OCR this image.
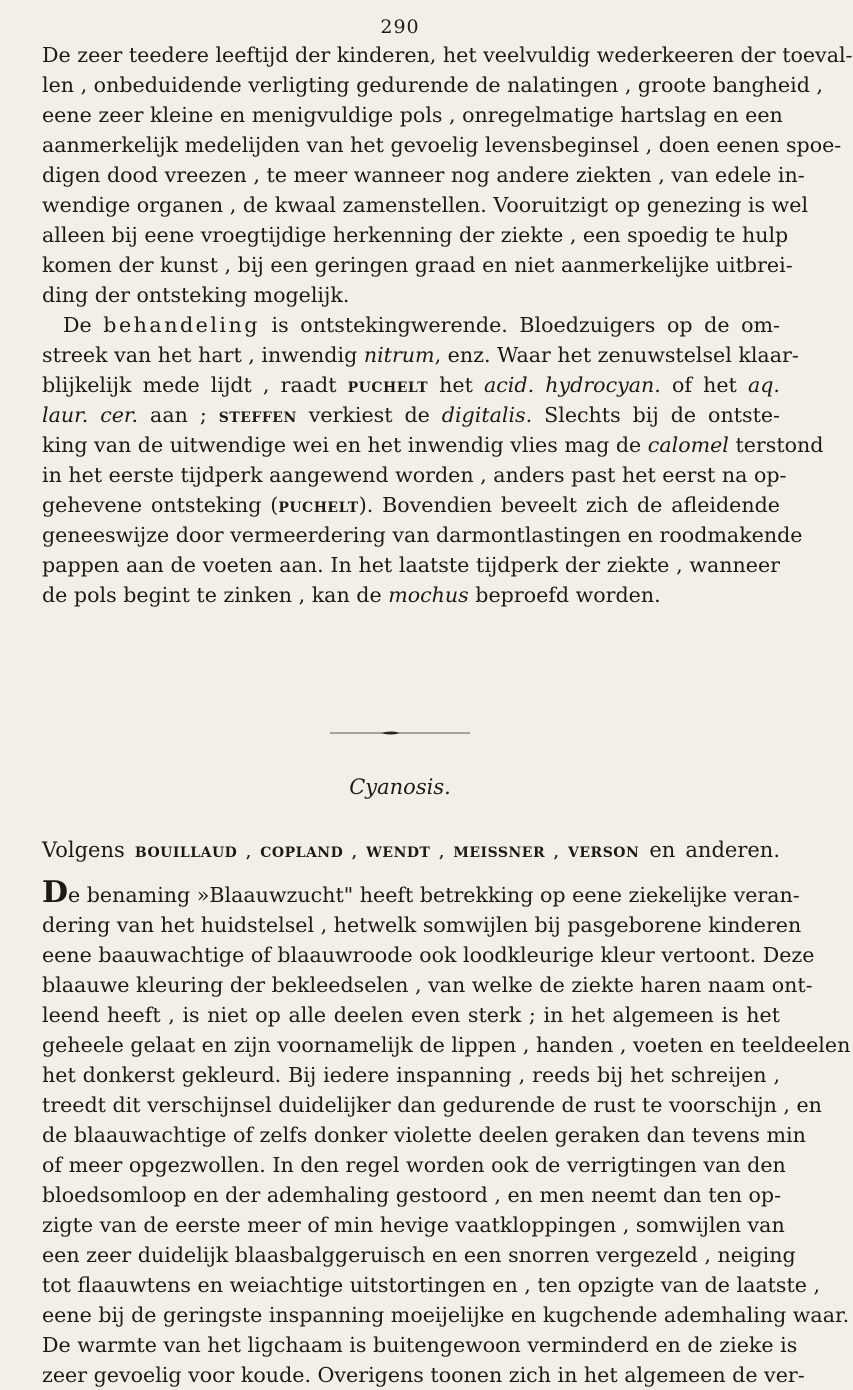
290
De zeer teedere leeftijd der kinderen, het veelvuldig wederkeeren der toeval-
len , onbeduidende verligting gedurende de nalatingen , groote bangheid ,
eene zeer kleine en menigvuldige pols , onregelmatige hartslag en een
aanmerkelijk medelijden van het gevoelig levensbeginsel , doen eenen spoe-
digen dood vreezen , te meer wanneer nog andere ziekten , van edele in-
wendige organen , de kwaal zamenstellen. Vooruitzigt op genezing is wel
alleen bij eene vroegtijdige herkenning der ziekte , een spoedig te hulp
komen der kunst , bij een geringen graad en niet aanmerkelijke uitbrei-
ding der ontsteking mogelijk.
De behandeling is ontstekingwerende. Bloedzuigers op de om-
streek van het hart , inwendig nitrum, enz. Waar het zenuwstelsel klaar-
blijkelijk mede lijdt , raadt PUCHELT het acid. hydrocyan. of het aq.
laur. cer. aan ; STEFFEN verkiest de digitalis. Slechts bij de ontste-
king van de uitwendige wei en het inwendig vlies mag de calomel terstond
in het eerste tijdperk aangewend worden , anders past het eerst na op-
gehevene ontsteking (PUCHELT). Bovendien beveelt zich de afleidende
geneeswijze door vermeerdering van darmontlastingen en roodmakende
pappen aan de voeten aan. In het laatste tijdperk der ziekte , wanneer
de pols begint te zinken , kan de mochus beproefd worden.
Cyanosis.
Volgens BOUILLAUD , COPLAND , WENDT , MEISSNER , VERSON en anderen.
De benaming »Blaauwzucht" heeft betrekking op eene ziekelijke veran-
dering van het huidstelsel , hetwelk somwijlen bij pasgeborene kinderen
eene baauwachtige of blaauwroode ook loodkleurige kleur vertoont. Deze
blaauwe kleuring der bekleedselen , van welke de ziekte haren naam ont-
leend heeft , is niet op alle deelen even sterk ; in het algemeen is het
geheele gelaat en zijn voornamelijk de lippen , handen , voeten en teeldeelen
het donkerst gekleurd. Bij iedere inspanning , reeds bij het schreijen ,
treedt dit verschijnsel duidelijker dan gedurende de rust te voorschijn , en
de blaauwachtige of zelfs donker violette deelen geraken dan tevens min
of meer opgezwollen. In den regel worden ook de verrigtingen van den
bloedsomloop en der ademhaling gestoord , en men neemt dan ten op-
zigte van de eerste meer of min hevige vaatkloppingen , somwijlen van
een zeer duidelijk blaasbalggeruisch en een snorren vergezeld , neiging
tot flaauwtens en weiachtige uitstortingen en , ten opzigte van de laatste ,
eene bij de geringste inspanning moeijelijke en kugchende ademhaling waar.
De warmte van het ligchaam is buitengewoon verminderd en de zieke is
zeer gevoelig voor koude. Overigens toonen zich in het algemeen de ver-
